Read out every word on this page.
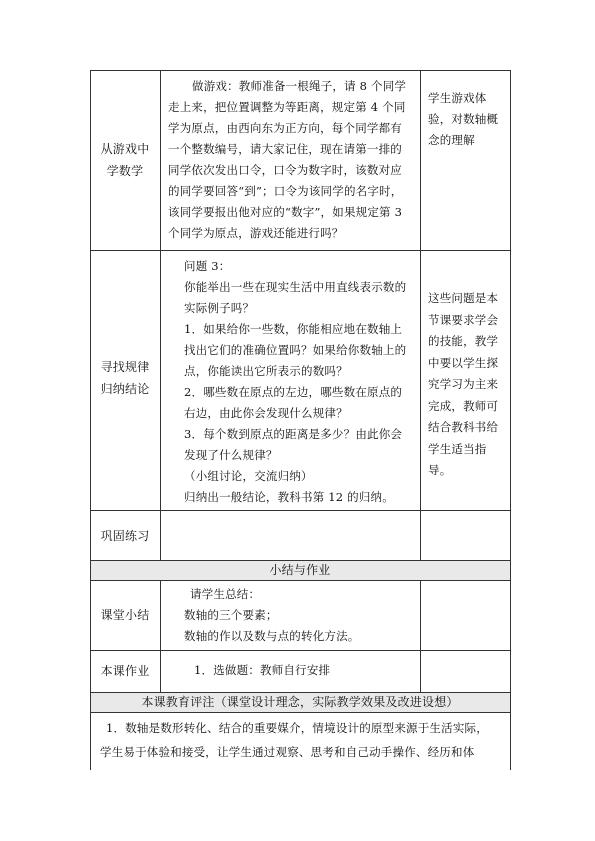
从游戏中
学数学
做游戏：教师准备一根绳子，请 8 个同学
走上来，把位置调整为等距离，规定第 4 个同
学为原点，由西向东为正方向，每个同学都有
一个整数编号，请大家记住，现在请第一排的
同学依次发出口令，口令为数字时，该数对应
的同学要回答“到”；口令为该同学的名字时，
该同学要报出他对应的“数字”，如果规定第 3
个同学为原点，游戏还能进行吗？
学生游戏体
验，对数轴概
念的理解
寻找规律
归纳结论
问题 3：
你能举出一些在现实生活中用直线表示数的
实际例子吗？
1．如果给你一些数，你能相应地在数轴上
找出它们的准确位置吗？如果给你数轴上的
点，你能读出它所表示的数吗？
2．哪些数在原点的左边，哪些数在原点的
右边，由此你会发现什么规律？
3．每个数到原点的距离是多少？由此你会
发现了什么规律？
（小组讨论，交流归纳）
归纳出一般结论，教科书第 12 的归纳。
这些问题是本
节课要求学会
的技能，教学
中要以学生探
究学习为主来
完成，教师可
结合教科书给
学生适当指
导。
巩固练习
小结与作业
课堂小结
请学生总结：
数轴的三个要素；
数轴的作以及数与点的转化方法。
本课作业	1．选做题：教师自行安排
本课教育评注（课堂设计理念，实际教学效果及改进设想）
1．数轴是数形转化、结合的重要媒介，情境设计的原型来源于生活实际，
学生易于体验和接受，让学生通过观察、思考和自己动手操作、经历和体
